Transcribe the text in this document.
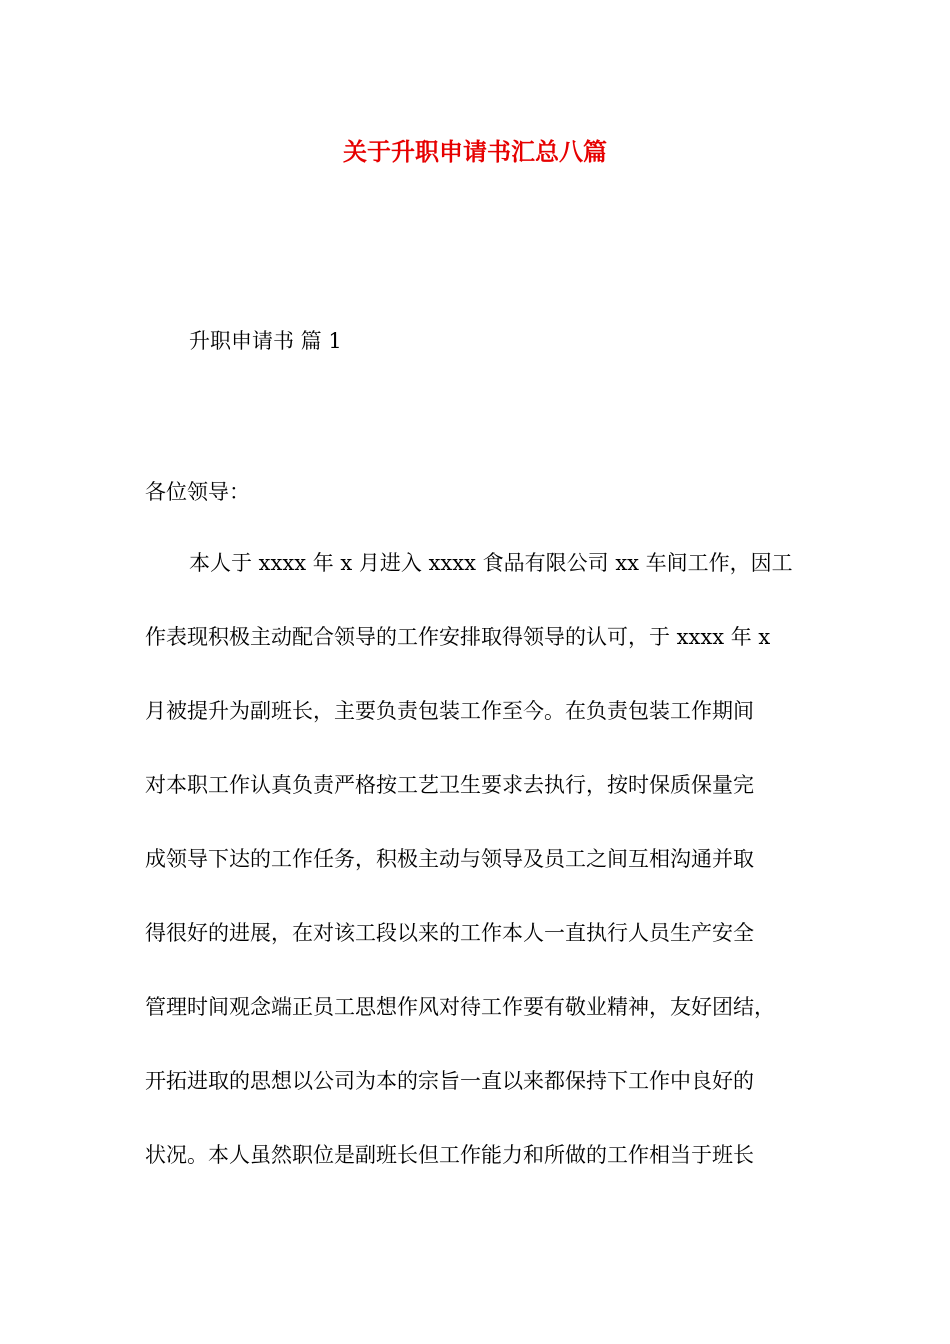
关于升职申请书汇总八篇
升职申请书 篇 1
各位领导：
本人于 xxxx 年 x 月进入 xxxx 食品有限公司 xx 车间工作，因工
作表现积极主动配合领导的工作安排取得领导的认可，于 xxxx 年 x
月被提升为副班长，主要负责包装工作至今。在负责包装工作期间
对本职工作认真负责严格按工艺卫生要求去执行，按时保质保量完
成领导下达的工作任务，积极主动与领导及员工之间互相沟通并取
得很好的进展，在对该工段以来的工作本人一直执行人员生产安全
管理时间观念端正员工思想作风对待工作要有敬业精神，友好团结，
开拓进取的思想以公司为本的宗旨一直以来都保持下工作中良好的
状况。本人虽然职位是副班长但工作能力和所做的工作相当于班长
